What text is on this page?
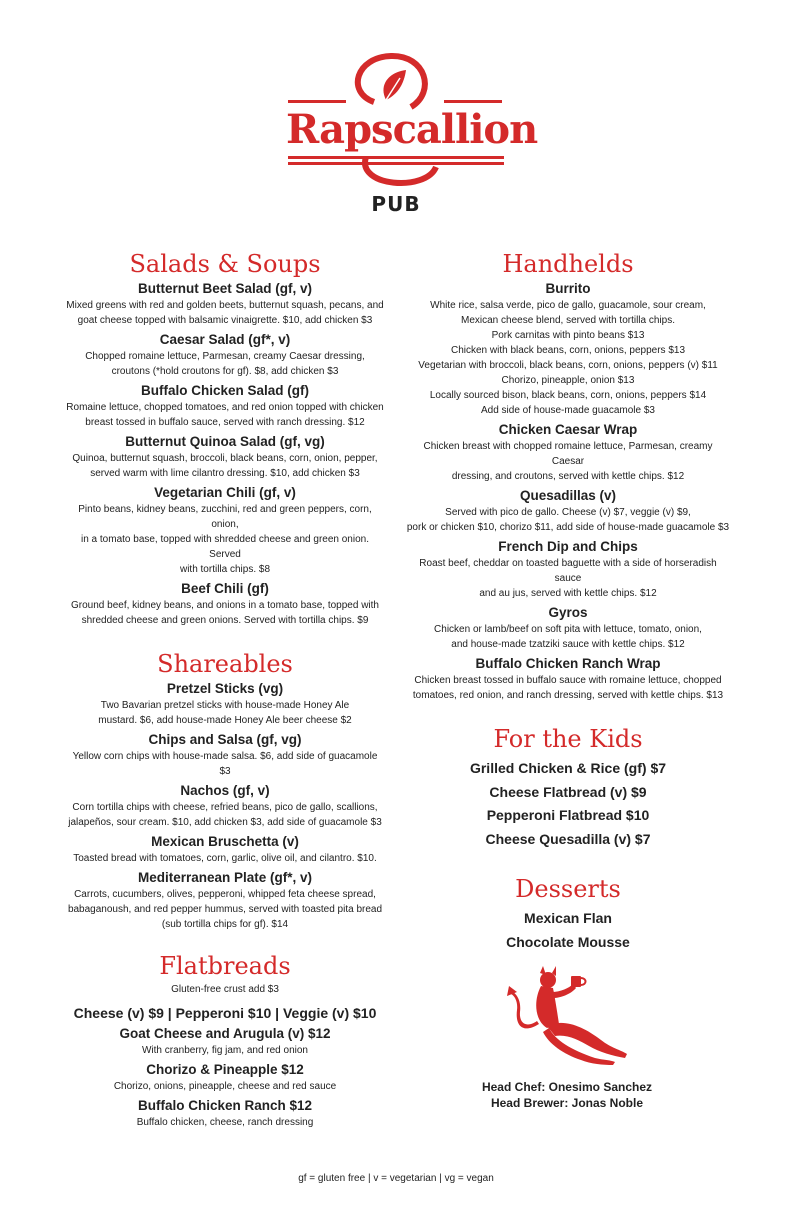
Rapscallion
PUB
Salads & Soups
Butternut Beet Salad (gf, v)
Mixed greens with red and golden beets, butternut squash, pecans, and
goat cheese topped with balsamic vinaigrette. $10, add chicken $3
Caesar Salad (gf*, v)
Chopped romaine lettuce, Parmesan, creamy Caesar dressing,
croutons (*hold croutons for gf). $8, add chicken $3
Buffalo Chicken Salad (gf)
Romaine lettuce, chopped tomatoes, and red onion topped with chicken
breast tossed in buffalo sauce, served with ranch dressing. $12
Butternut Quinoa Salad (gf, vg)
Quinoa, butternut squash, broccoli, black beans, corn, onion, pepper,
served warm with lime cilantro dressing. $10, add chicken $3
Vegetarian Chili (gf, v)
Pinto beans, kidney beans, zucchini, red and green peppers, corn, onion,
in a tomato base, topped with shredded cheese and green onion. Served
with tortilla chips. $8
Beef Chili (gf)
Ground beef, kidney beans, and onions in a tomato base, topped with
shredded cheese and green onions. Served with tortilla chips. $9
Shareables
Pretzel Sticks (vg)
Two Bavarian pretzel sticks with house-made Honey Ale
mustard. $6, add house-made Honey Ale beer cheese $2
Chips and Salsa (gf, vg)
Yellow corn chips with house-made salsa. $6, add side of guacamole $3
Nachos (gf, v)
Corn tortilla chips with cheese, refried beans, pico de gallo, scallions,
jalapeños, sour cream. $10, add chicken $3, add side of guacamole $3
Mexican Bruschetta (v)
Toasted bread with tomatoes, corn, garlic, olive oil, and cilantro. $10.
Mediterranean Plate (gf*, v)
Carrots, cucumbers, olives, pepperoni, whipped feta cheese spread,
babaganoush, and red pepper hummus, served with toasted pita bread
(sub tortilla chips for gf). $14
Flatbreads
Gluten-free crust add $3
Cheese (v) $9 | Pepperoni $10 | Veggie (v) $10
Goat Cheese and Arugula (v) $12
With cranberry, fig jam, and red onion
Chorizo & Pineapple $12
Chorizo, onions, pineapple, cheese and red sauce
Buffalo Chicken Ranch $12
Buffalo chicken, cheese, ranch dressing
Handhelds
Burrito
White rice, salsa verde, pico de gallo, guacamole, sour cream,
Mexican cheese blend, served with tortilla chips.
Pork carnitas with pinto beans $13
Chicken with black beans, corn, onions, peppers $13
Vegetarian with broccoli, black beans, corn, onions, peppers (v) $11
Chorizo, pineapple, onion $13
Locally sourced bison, black beans, corn, onions, peppers $14
Add side of house-made guacamole $3
Chicken Caesar Wrap
Chicken breast with chopped romaine lettuce, Parmesan, creamy Caesar
dressing, and croutons, served with kettle chips. $12
Quesadillas (v)
Served with pico de gallo. Cheese (v) $7, veggie (v) $9,
pork or chicken $10, chorizo $11, add side of house-made guacamole $3
French Dip and Chips
Roast beef, cheddar on toasted baguette with a side of horseradish sauce
and au jus, served with kettle chips. $12
Gyros
Chicken or lamb/beef on soft pita with lettuce, tomato, onion,
and house-made tzatziki sauce with kettle chips. $12
Buffalo Chicken Ranch Wrap
Chicken breast tossed in buffalo sauce with romaine lettuce, chopped
tomatoes, red onion, and ranch dressing, served with kettle chips. $13
For the Kids
Grilled Chicken & Rice (gf) $7
Cheese Flatbread (v) $9
Pepperoni Flatbread $10
Cheese Quesadilla (v) $7
Desserts
Mexican Flan
Chocolate Mousse
Head Chef: Onesimo Sanchez
Head Brewer: Jonas Noble
gf = gluten free | v = vegetarian | vg = vegan
